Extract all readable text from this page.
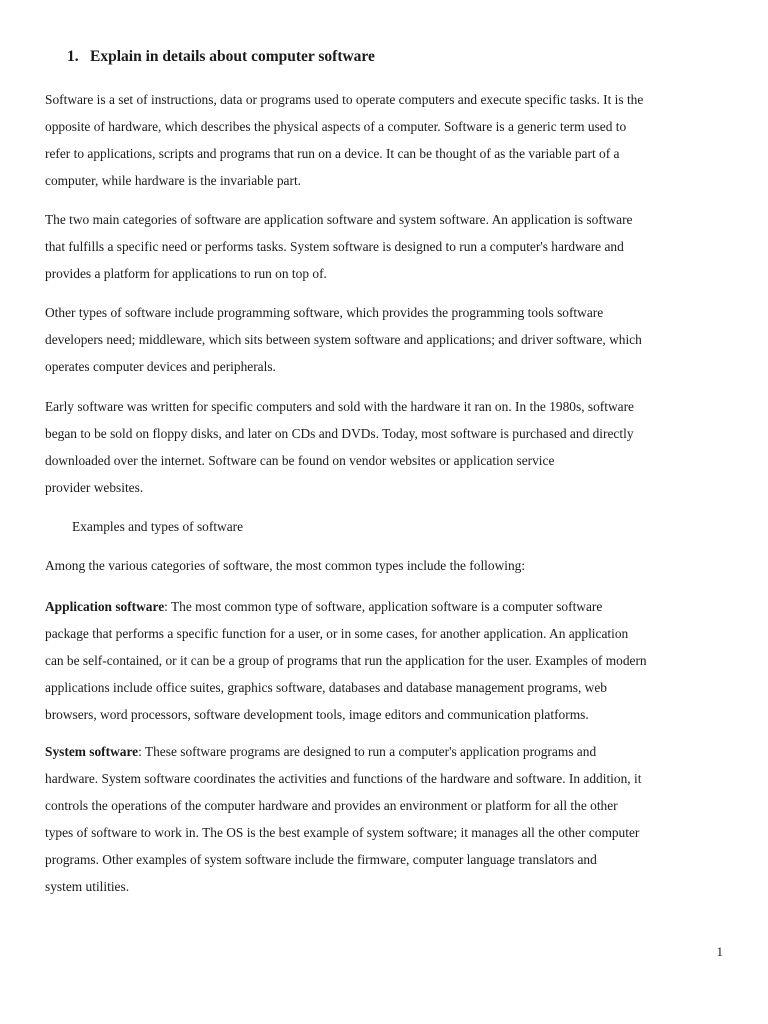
1. Explain in details about computer software

Software is a set of instructions, data or programs used to operate computers and execute specific tasks. It is the
opposite of hardware, which describes the physical aspects of a computer. Software is a generic term used to
refer to applications, scripts and programs that run on a device. It can be thought of as the variable part of a
computer, while hardware is the invariable part.

The two main categories of software are application software and system software. An application is software
that fulfills a specific need or performs tasks. System software is designed to run a computer's hardware and
provides a platform for applications to run on top of.

Other types of software include programming software, which provides the programming tools software
developers need; middleware, which sits between system software and applications; and driver software, which
operates computer devices and peripherals.

Early software was written for specific computers and sold with the hardware it ran on. In the 1980s, software
began to be sold on floppy disks, and later on CDs and DVDs. Today, most software is purchased and directly
downloaded over the internet. Software can be found on vendor websites or application service
provider websites.

Examples and types of software

Among the various categories of software, the most common types include the following:

Application software: The most common type of software, application software is a computer software
package that performs a specific function for a user, or in some cases, for another application. An application
can be self-contained, or it can be a group of programs that run the application for the user. Examples of modern
applications include office suites, graphics software, databases and database management programs, web
browsers, word processors, software development tools, image editors and communication platforms.

System software: These software programs are designed to run a computer's application programs and
hardware. System software coordinates the activities and functions of the hardware and software. In addition, it
controls the operations of the computer hardware and provides an environment or platform for all the other
types of software to work in. The OS is the best example of system software; it manages all the other computer
programs. Other examples of system software include the firmware, computer language translators and
system utilities.

1
